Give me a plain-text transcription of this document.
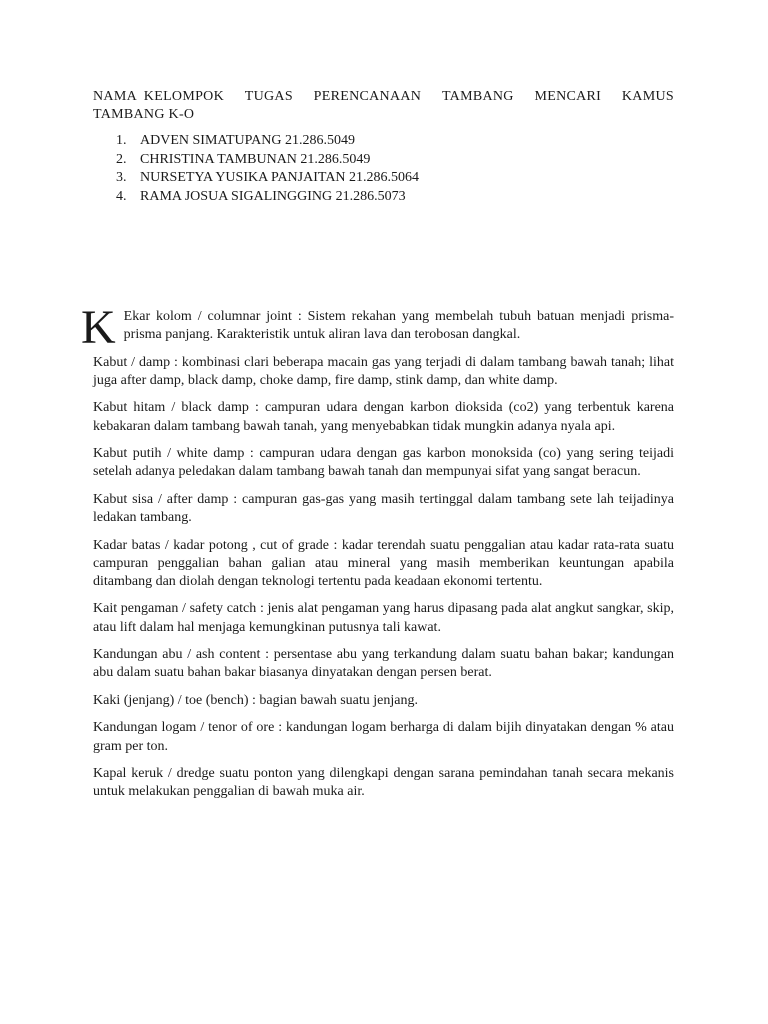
NAMA  KELOMPOK TUGAS PERENCANAAN TAMBANG MENCARI KAMUS
TAMBANG K-O
1. ADVEN SIMATUPANG 21.286.5049
2. CHRISTINA TAMBUNAN 21.286.5049
3. NURSETYA YUSIKA PANJAITAN 21.286.5064
4. RAMA JOSUA SIGALINGGING 21.286.5073

K Ekar kolom / columnar joint : Sistem rekahan yang membelah tubuh batuan menjadi prisma- prisma panjang. Karakteristik untuk aliran lava dan terobosan dangkal.

Kabut / damp : kombinasi clari beberapa macain gas yang terjadi di dalam tambang bawah tanah; lihat juga after damp, black damp, choke damp, fire damp, stink damp, dan white damp.

Kabut hitam / black damp : campuran udara dengan karbon dioksida (co2) yang terbentuk karena kebakaran dalam tambang bawah tanah, yang menyebabkan tidak mungkin adanya nyala api.

Kabut putih / white damp : campuran udara dengan gas karbon monoksida (co) yang sering teijadi setelah adanya peledakan dalam tambang bawah tanah dan mempunyai sifat yang sangat beracun.

Kabut sisa / after damp : campuran gas-gas yang masih tertinggal dalam tambang sete lah teijadinya ledakan tambang.

Kadar batas / kadar potong , cut of grade : kadar terendah suatu penggalian atau kadar rata-rata suatu campuran penggalian bahan galian atau mineral yang masih memberikan keuntungan apabila ditambang dan diolah dengan teknologi tertentu pada keadaan ekonomi tertentu.

Kait pengaman / safety catch : jenis alat pengaman yang harus dipasang pada alat angkut sangkar, skip, atau lift dalam hal menjaga kemungkinan putusnya tali kawat.

Kandungan abu / ash content : persentase abu yang terkandung dalam suatu bahan bakar; kandungan abu dalam suatu bahan bakar biasanya dinyatakan dengan persen berat.

Kaki (jenjang) / toe (bench) : bagian bawah suatu jenjang.

Kandungan logam / tenor of ore : kandungan logam berharga di dalam bijih dinyatakan dengan % atau gram per ton.

Kapal keruk / dredge suatu ponton yang dilengkapi dengan sarana pemindahan tanah secara mekanis untuk melakukan penggalian di bawah muka air.
